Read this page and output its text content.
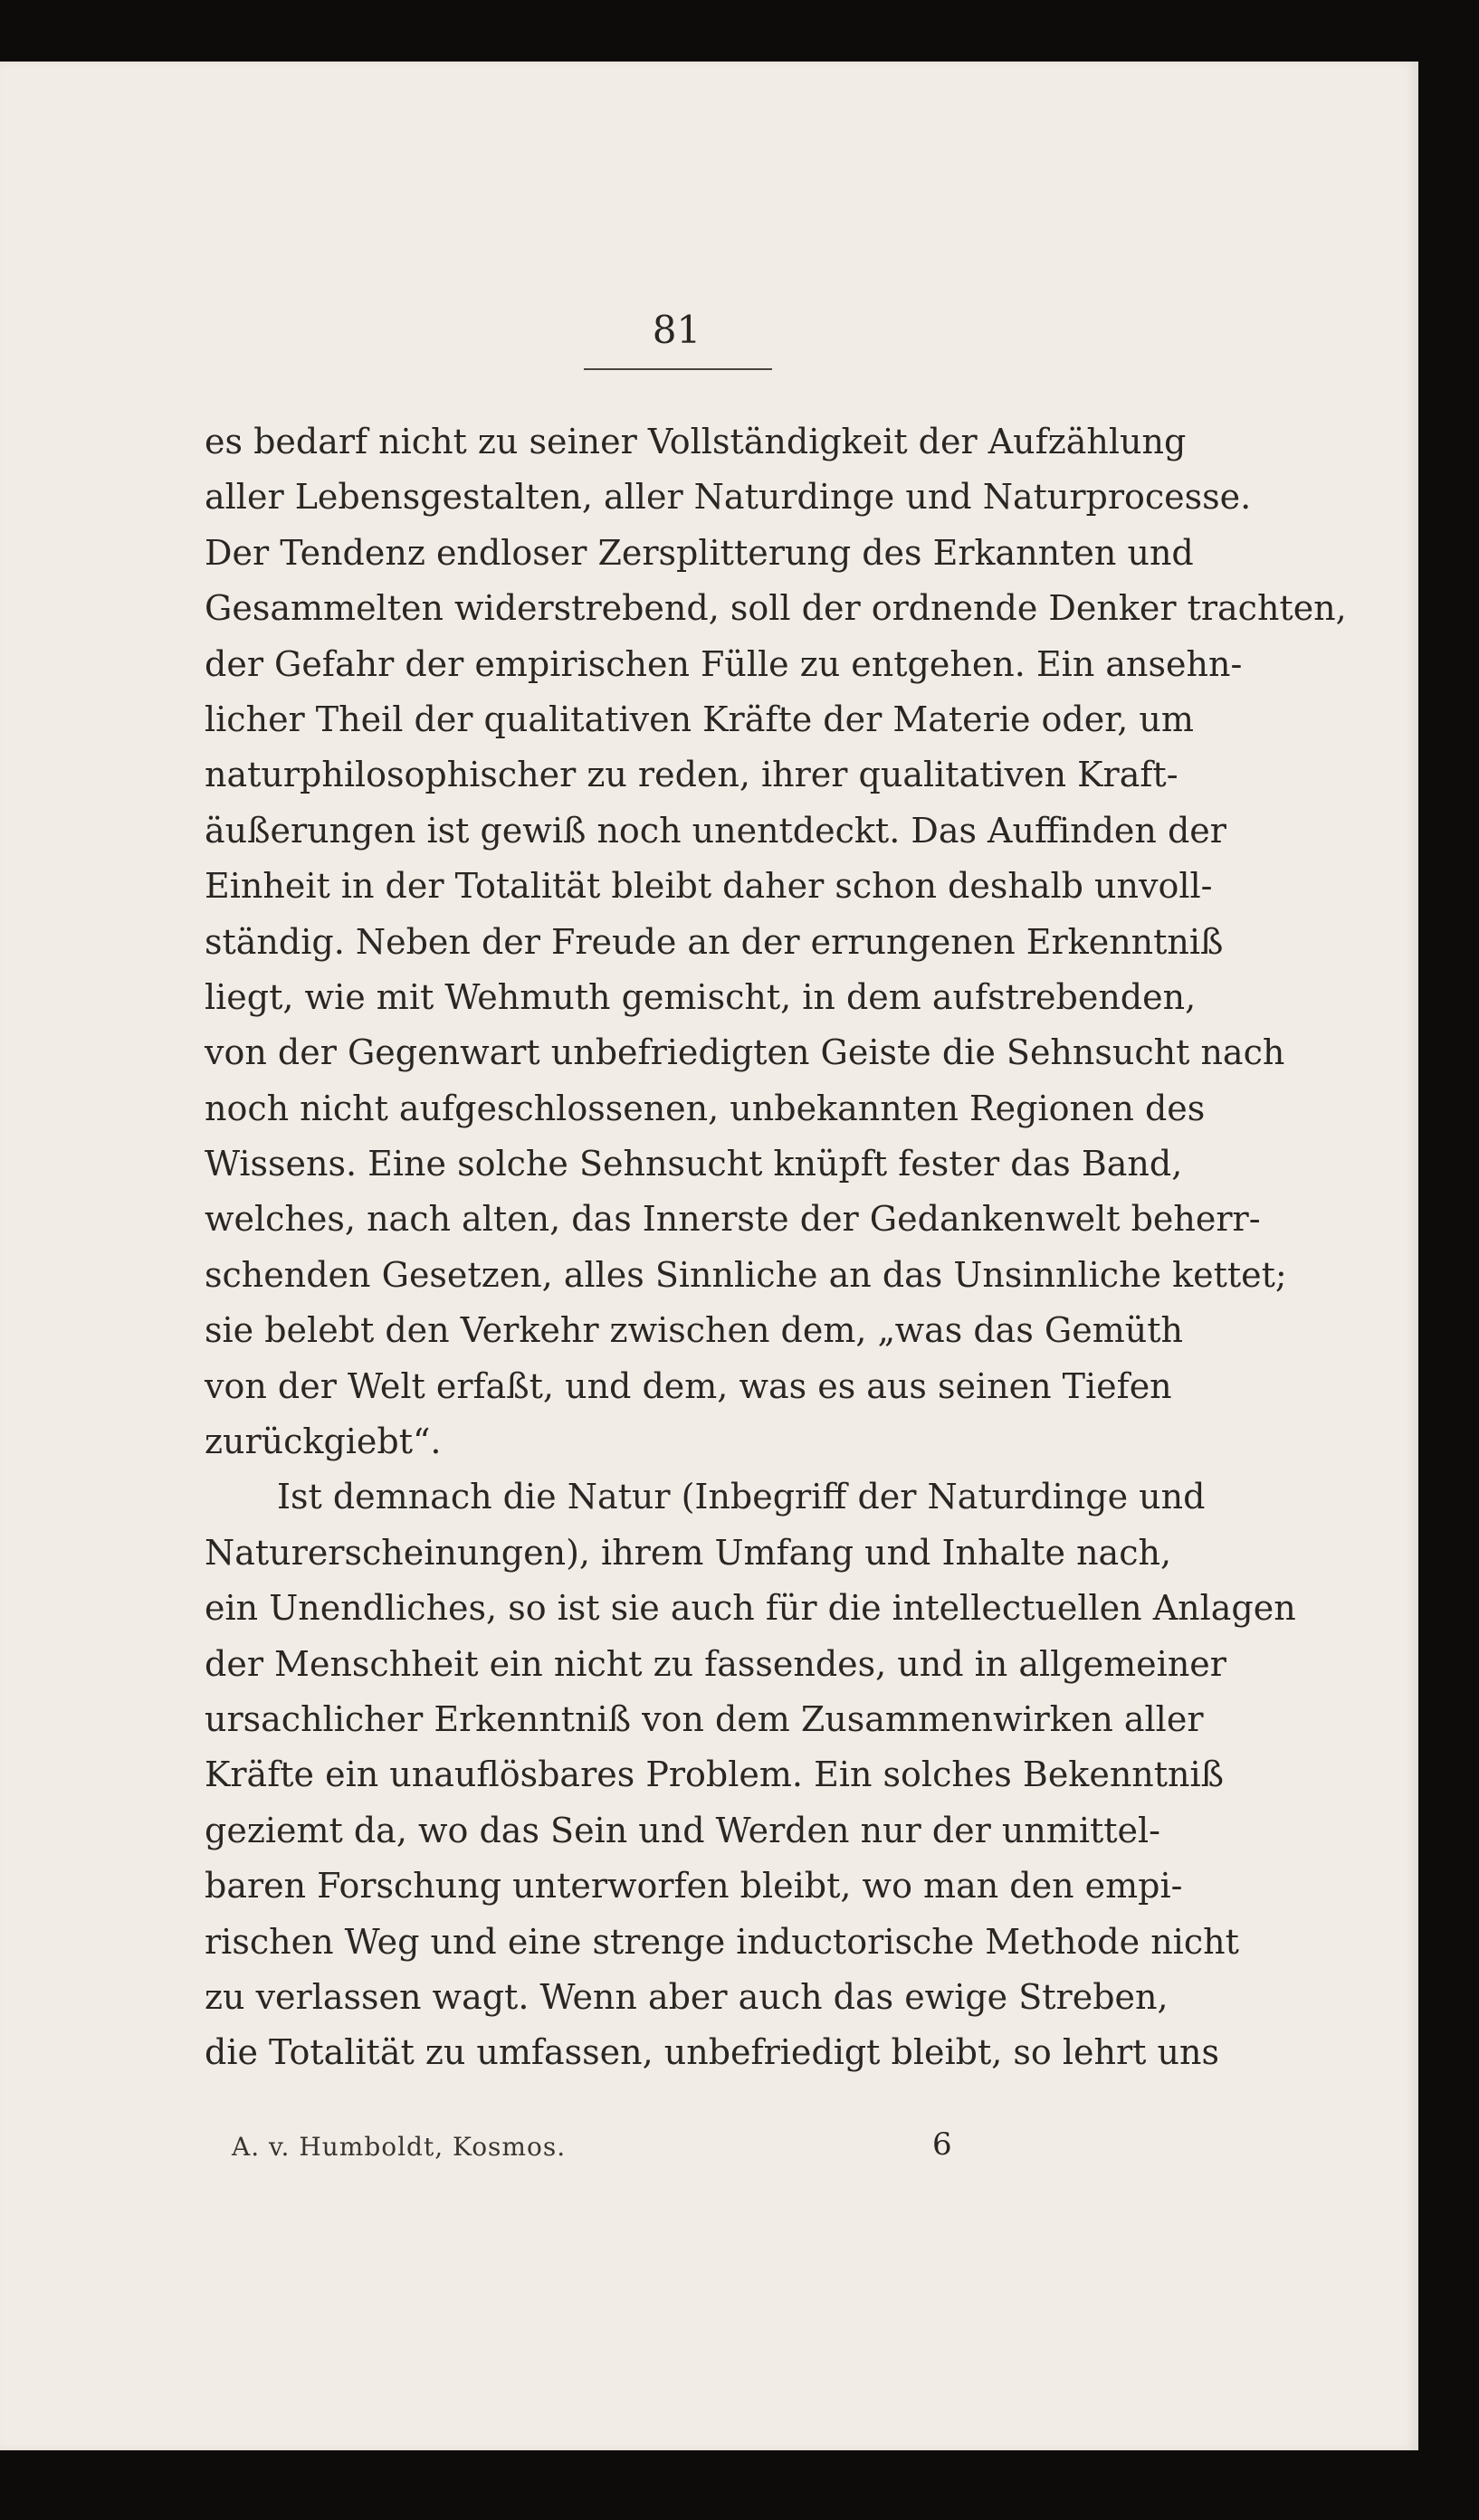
81
es bedarf nicht zu seiner Vollständigkeit der Aufzählung
aller Lebensgestalten, aller Naturdinge und Naturprocesse.
Der Tendenz endloser Zersplitterung des Erkannten und
Gesammelten widerstrebend, soll der ordnende Denker trachten,
der Gefahr der empirischen Fülle zu entgehen. Ein ansehn-
licher Theil der qualitativen Kräfte der Materie oder, um
naturphilosophischer zu reden, ihrer qualitativen Kraft-
äußerungen ist gewiß noch unentdeckt. Das Auffinden der
Einheit in der Totalität bleibt daher schon deshalb unvoll-
ständig. Neben der Freude an der errungenen Erkenntniß
liegt, wie mit Wehmuth gemischt, in dem aufstrebenden,
von der Gegenwart unbefriedigten Geiste die Sehnsucht nach
noch nicht aufgeschlossenen, unbekannten Regionen des
Wissens. Eine solche Sehnsucht knüpft fester das Band,
welches, nach alten, das Innerste der Gedankenwelt beherr-
schenden Gesetzen, alles Sinnliche an das Unsinnliche kettet;
sie belebt den Verkehr zwischen dem, „was das Gemüth
von der Welt erfaßt, und dem, was es aus seinen Tiefen
zurückgiebt“.
Ist demnach die Natur (Inbegriff der Naturdinge und
Naturerscheinungen), ihrem Umfang und Inhalte nach,
ein Unendliches, so ist sie auch für die intellectuellen Anlagen
der Menschheit ein nicht zu fassendes, und in allgemeiner
ursachlicher Erkenntniß von dem Zusammenwirken aller
Kräfte ein unauflösbares Problem. Ein solches Bekenntniß
geziemt da, wo das Sein und Werden nur der unmittel-
baren Forschung unterworfen bleibt, wo man den empi-
rischen Weg und eine strenge inductorische Methode nicht
zu verlassen wagt. Wenn aber auch das ewige Streben,
die Totalität zu umfassen, unbefriedigt bleibt, so lehrt uns
A. v. Humboldt, Kosmos.	6
